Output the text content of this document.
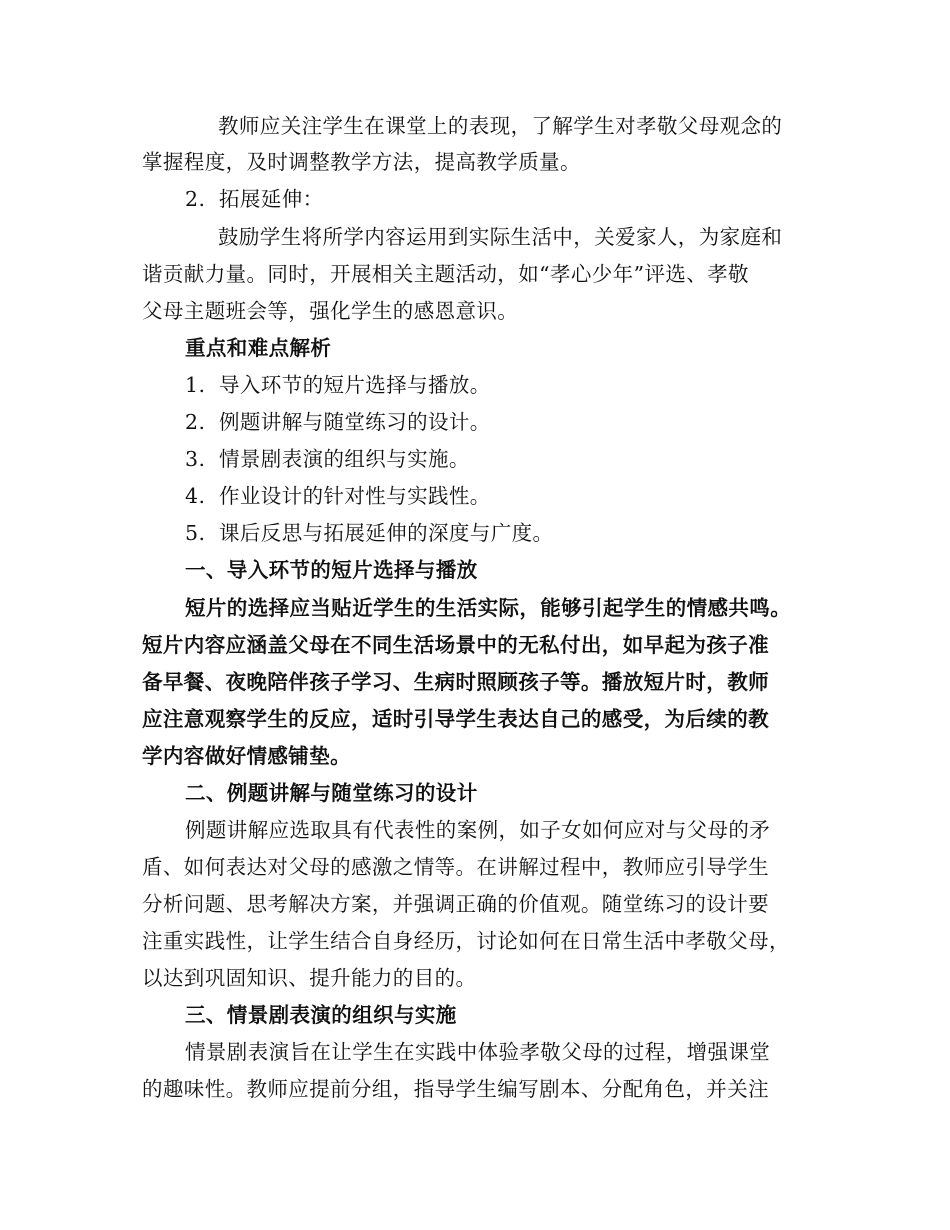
教师应关注学生在课堂上的表现，了解学生对孝敬父母观念的
掌握程度，及时调整教学方法，提高教学质量。
2. 拓展延伸：
鼓励学生将所学内容运用到实际生活中，关爱家人，为家庭和
谐贡献力量。同时，开展相关主题活动，如“孝心少年”评选、孝敬
父母主题班会等，强化学生的感恩意识。
重点和难点解析
1. 导入环节的短片选择与播放。
2. 例题讲解与随堂练习的设计。
3. 情景剧表演的组织与实施。
4. 作业设计的针对性与实践性。
5. 课后反思与拓展延伸的深度与广度。
一、导入环节的短片选择与播放
短片的选择应当贴近学生的生活实际，能够引起学生的情感共鸣。
短片内容应涵盖父母在不同生活场景中的无私付出，如早起为孩子准
备早餐、夜晚陪伴孩子学习、生病时照顾孩子等。播放短片时，教师
应注意观察学生的反应，适时引导学生表达自己的感受，为后续的教
学内容做好情感铺垫。
二、例题讲解与随堂练习的设计
例题讲解应选取具有代表性的案例，如子女如何应对与父母的矛
盾、如何表达对父母的感激之情等。在讲解过程中，教师应引导学生
分析问题、思考解决方案，并强调正确的价值观。随堂练习的设计要
注重实践性，让学生结合自身经历，讨论如何在日常生活中孝敬父母，
以达到巩固知识、提升能力的目的。
三、情景剧表演的组织与实施
情景剧表演旨在让学生在实践中体验孝敬父母的过程，增强课堂
的趣味性。教师应提前分组，指导学生编写剧本、分配角色，并关注
